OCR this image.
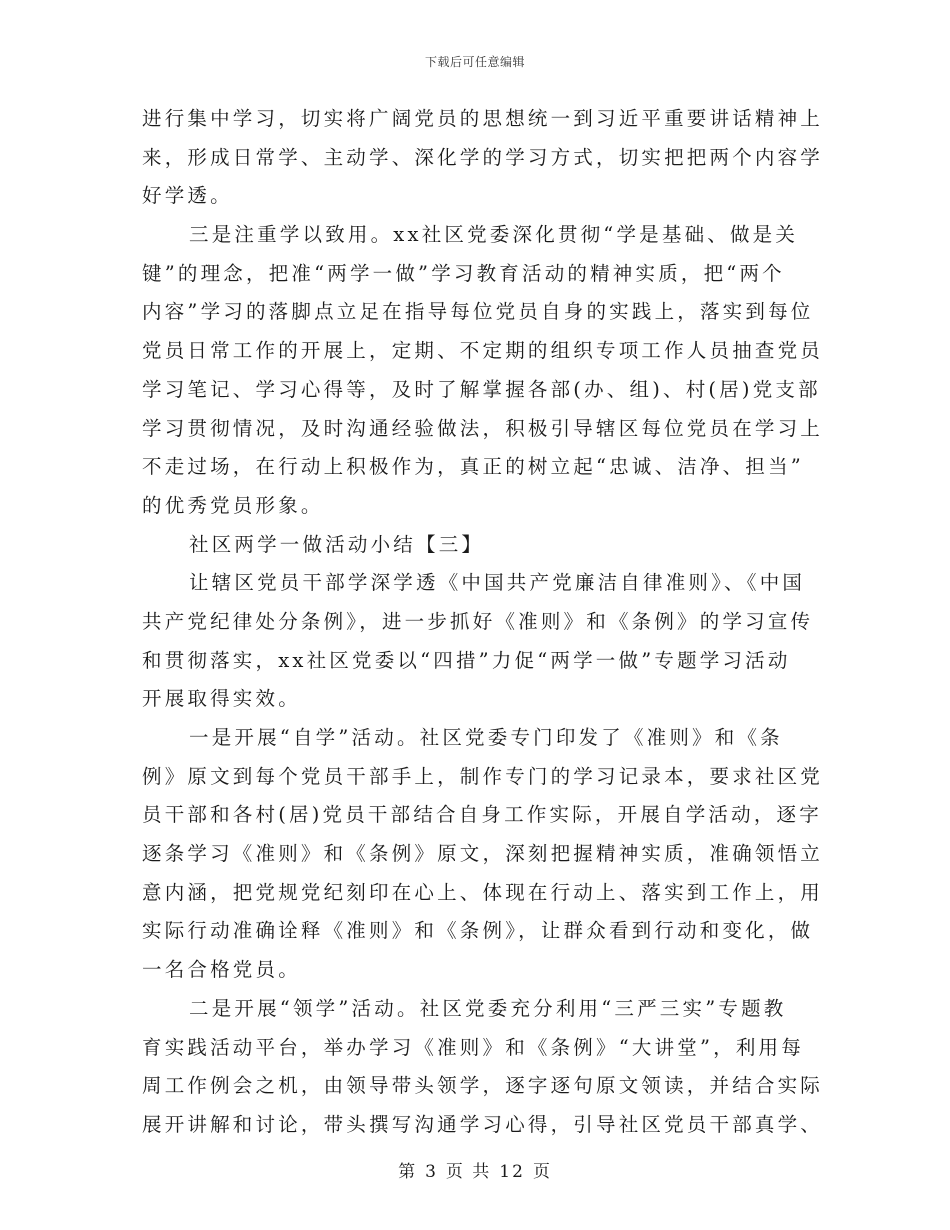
下载后可任意编辑
进行集中学习，切实将广阔党员的思想统一到习近平重要讲话精神上
来，形成日常学、主动学、深化学的学习方式，切实把把两个内容学
好学透。
三是注重学以致用。xx社区党委深化贯彻“学是基础、做是关
键”的理念，把准“两学一做”学习教育活动的精神实质，把“两个
内容”学习的落脚点立足在指导每位党员自身的实践上，落实到每位
党员日常工作的开展上，定期、不定期的组织专项工作人员抽查党员
学习笔记、学习心得等，及时了解掌握各部(办、组)、村(居)党支部
学习贯彻情况，及时沟通经验做法，积极引导辖区每位党员在学习上
不走过场，在行动上积极作为，真正的树立起“忠诚、洁净、担当”
的优秀党员形象。
社区两学一做活动小结【三】
让辖区党员干部学深学透《中国共产党廉洁自律准则》、《中国
共产党纪律处分条例》，进一步抓好《准则》和《条例》的学习宣传
和贯彻落实，xx社区党委以“四措”力促“两学一做”专题学习活动
开展取得实效。
一是开展“自学”活动。社区党委专门印发了《准则》和《条
例》原文到每个党员干部手上，制作专门的学习记录本，要求社区党
员干部和各村(居)党员干部结合自身工作实际，开展自学活动，逐字
逐条学习《准则》和《条例》原文，深刻把握精神实质，准确领悟立
意内涵，把党规党纪刻印在心上、体现在行动上、落实到工作上，用
实际行动准确诠释《准则》和《条例》，让群众看到行动和变化，做
一名合格党员。
二是开展“领学”活动。社区党委充分利用“三严三实”专题教
育实践活动平台，举办学习《准则》和《条例》“大讲堂”，利用每
周工作例会之机，由领导带头领学，逐字逐句原文领读，并结合实际
展开讲解和讨论，带头撰写沟通学习心得，引导社区党员干部真学、
第 3 页 共 12 页
